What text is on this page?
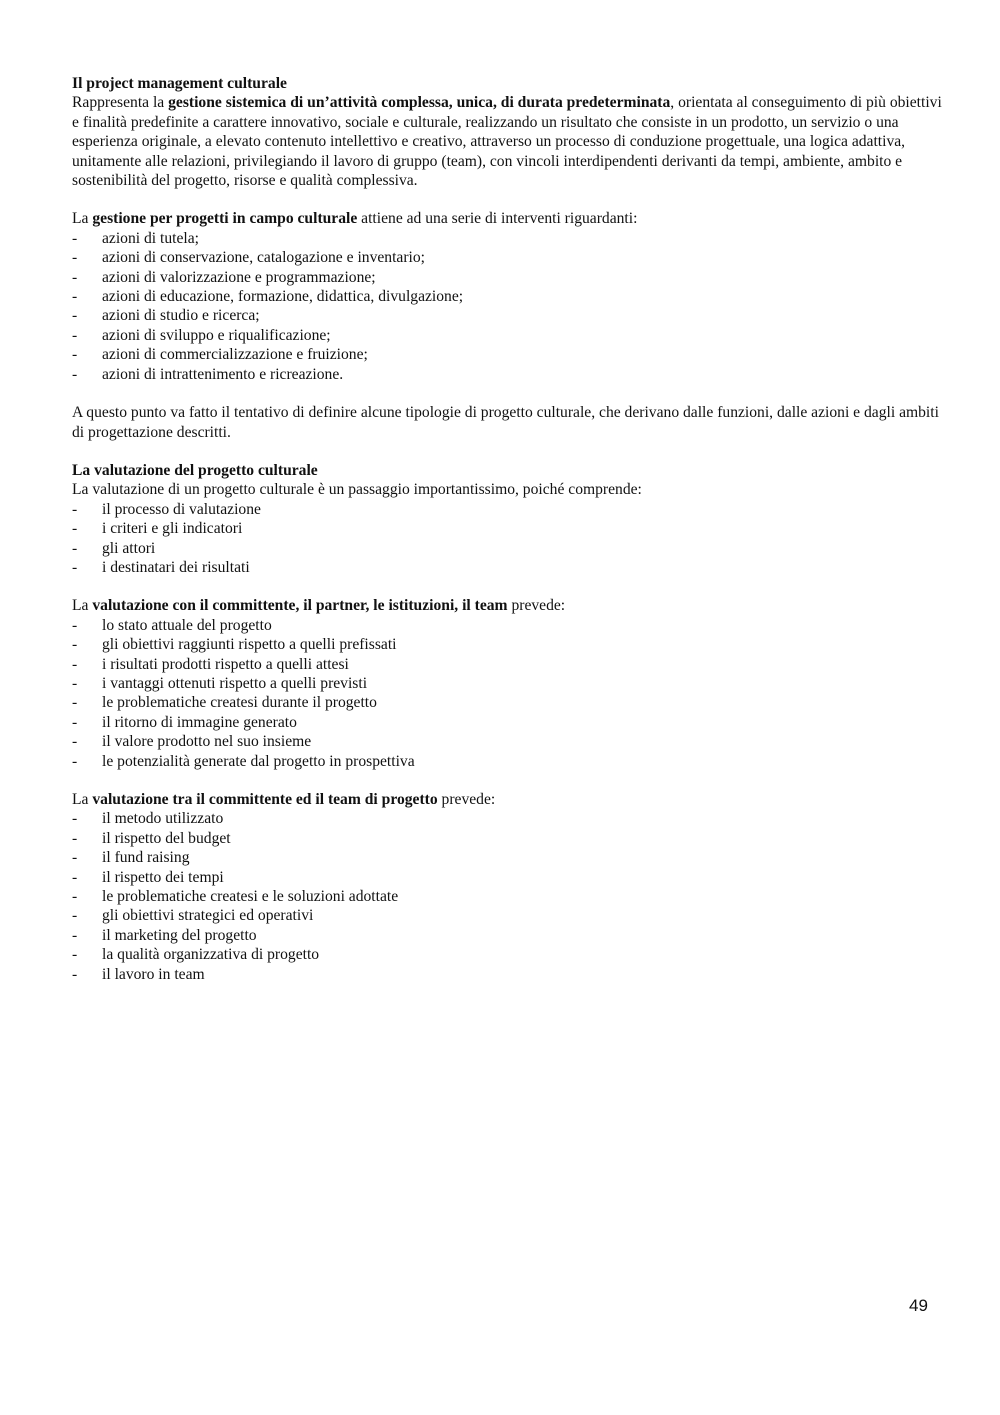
Il project management culturale

Rappresenta la gestione sistemica di un’attività complessa, unica, di durata predeterminata, orientata al conseguimento di più obiettivi e finalità predefinite a carattere innovativo, sociale e culturale, realizzando un risultato che consiste in un prodotto, un servizio o una esperienza originale, a elevato contenuto intellettivo e creativo, attraverso un processo di conduzione progettuale, una logica adattiva, unitamente alle relazioni, privilegiando il lavoro di gruppo (team), con vincoli interdipendenti derivanti da tempi, ambiente, ambito e sostenibilità del progetto, risorse e qualità complessiva.

La gestione per progetti in campo culturale attiene ad una serie di interventi riguardanti:

- azioni di tutela;
- azioni di conservazione, catalogazione e inventario;
- azioni di valorizzazione e programmazione;
- azioni di educazione, formazione, didattica, divulgazione;
- azioni di studio e ricerca;
- azioni di sviluppo e riqualificazione;
- azioni di commercializzazione e fruizione;
- azioni di intrattenimento e ricreazione.

A questo punto va fatto il tentativo di definire alcune tipologie di progetto culturale, che derivano dalle funzioni, dalle azioni e dagli ambiti di progettazione descritti.

La valutazione del progetto culturale

La valutazione di un progetto culturale è un passaggio importantissimo, poiché comprende:

- il processo di valutazione
- i criteri e gli indicatori
- gli attori
- i destinatari dei risultati

La valutazione con il committente, il partner, le istituzioni, il team prevede:

- lo stato attuale del progetto
- gli obiettivi raggiunti rispetto a quelli prefissati
- i risultati prodotti rispetto a quelli attesi
- i vantaggi ottenuti rispetto a quelli previsti
- le problematiche createsi durante il progetto
- il ritorno di immagine generato
- il valore prodotto nel suo insieme
- le potenzialità generate dal progetto in prospettiva

La valutazione tra il committente ed il team di progetto prevede:

- il metodo utilizzato
- il rispetto del budget
- il fund raising
- il rispetto dei tempi
- le problematiche createsi e le soluzioni adottate
- gli obiettivi strategici ed operativi
- il marketing del progetto
- la qualità organizzativa di progetto
- il lavoro in team
49
